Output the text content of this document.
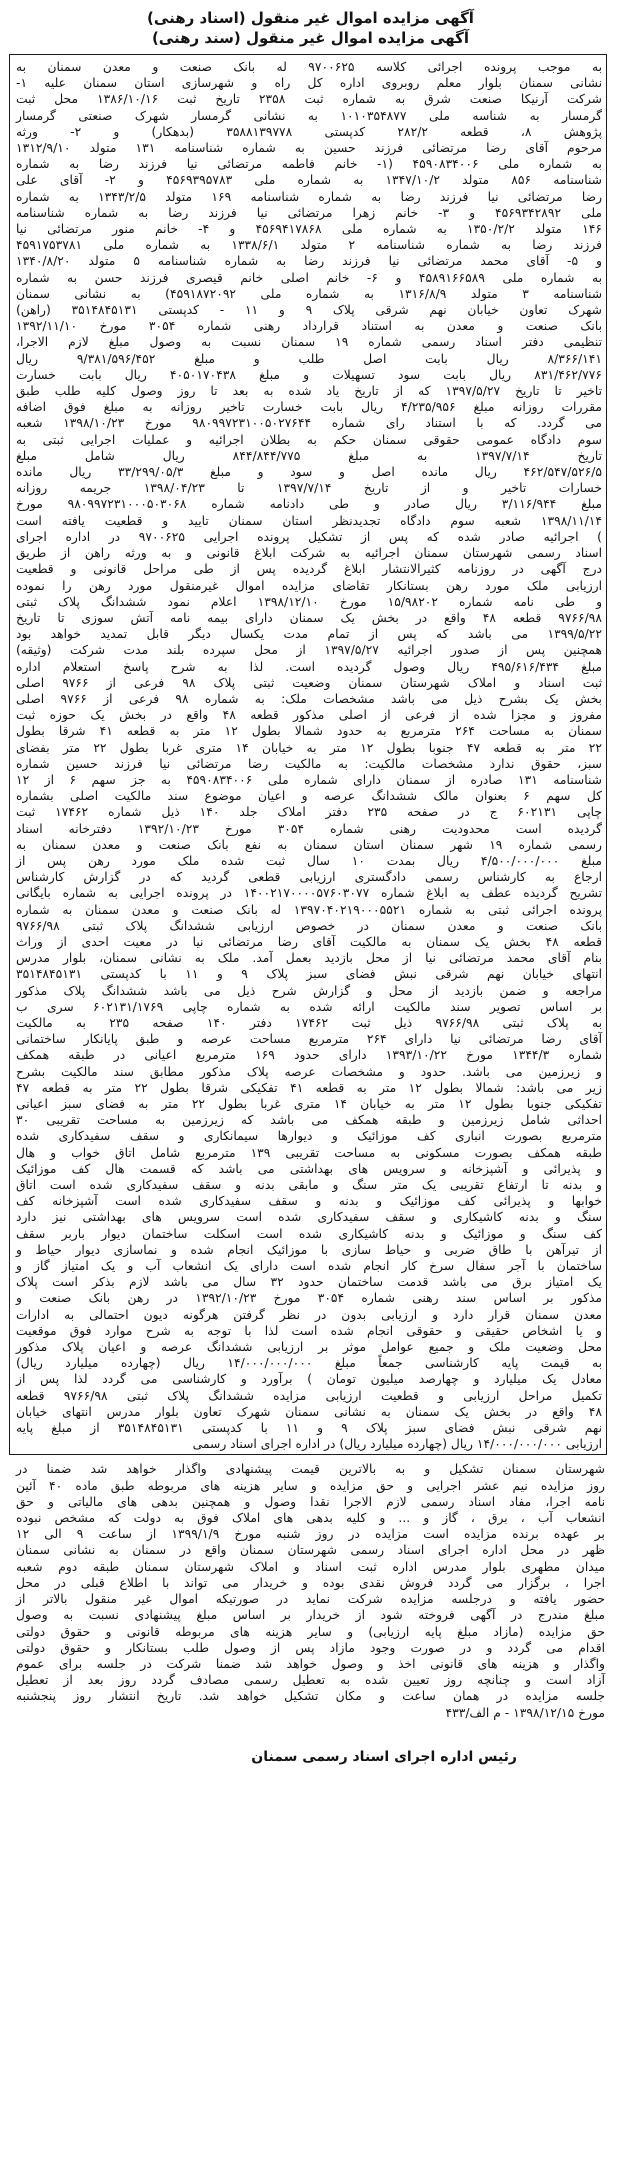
آگهی مزایده اموال غیر منقول (اسناد رهنی)
آگهی مزایده اموال غیر منقول (سند رهنی)
به موجب پرونده اجرائی کلاسه ۹۷۰۰۶۲۵ له بانک صنعت و معدن سمنان به
نشانی سمنان بلوار معلم روبروی اداره کل راه و شهرسازی استان سمنان علیه ۱-
شرکت آرنیکا صنعت شرق به شماره ثبت ۲۳۵۸ تاریخ ثبت ۱۳۸۶/۱۰/۱۶ محل ثبت
گرمسار به شناسه ملی ۱۰۱۰۳۵۴۸۷۷ به نشانی گرمسار شهرک صنعتی گرمسار
پژوهش ۸، قطعه ۲۸۲/۲ کدپستی ۳۵۸۸۱۳۹۷۷۸ (بدهکار) و ۲- ورثه
مرحوم آقای رضا مرتضائی فرزند حسین به شماره شناسنامه ۱۳۱ متولد ۱۳۱۲/۹/۱۰
به شماره ملی ۴۵۹۰۸۳۴۰۰۶ (۱- خانم فاطمه مرتضائی نیا فرزند رضا به شماره
شناسنامه ۸۵۶ متولد ۱۳۴۷/۱۰/۲ به شماره ملی ۴۵۶۹۳۹۵۷۸۳ و ۲- آقای علی
رضا مرتضائی نیا فرزند رضا به شماره شناسنامه ۱۶۹ متولد ۱۳۴۳/۲/۵ به شماره
ملی ۴۵۶۹۳۴۲۸۹۲ و ۳- خانم زهرا مرتضائی نیا فرزند رضا به شماره شناسنامه
۱۴۶ متولد ۱۳۵۰/۲/۲ به شماره ملی ۴۵۶۹۴۱۷۸۶۸ و ۴- خانم منور مرتضائی نیا
فرزند رضا به شماره شناسنامه ۲ متولد ۱۳۳۸/۶/۱ به شماره ملی ۴۵۹۱۷۵۳۷۸۱
و ۵- آقای محمد مرتضائی نیا فرزند رضا به شماره شناسنامه ۵ متولد ۱۳۴۰/۸/۲۰
به شماره ملی ۴۵۸۹۱۶۶۵۸۹ و ۶- خانم اصلی خانم قیصری فرزند حسن به شماره
شناسنامه ۳ متولد ۱۳۱۶/۸/۹ به شماره ملی ۴۵۹۱۸۷۲۰۹۲) به نشانی سمنان
شهرک تعاون خیابان نهم شرقی پلاک ۹ و ۱۱ - کدپستی ۳۵۱۴۸۴۵۱۳۱ (راهن)
بانک صنعت و معدن به استناد قرارداد رهنی شماره ۳۰۵۴ مورخ ۱۳۹۲/۱۱/۱۰
تنظیمی دفتر اسناد رسمی شماره ۱۹ سمنان نسبت به وصول مبلغ لازم الاجرا،
۸/۳۶۶/۱۴۱ ریال بابت اصل طلب و مبلغ ۹/۳۸۱/۵۹۶/۴۵۲ ریال
۸۳۱/۴۶۲/۷۷۶ ریال بابت سود تسهیلات و مبلغ ۴۰۵۰۱۷۰۴۳۸ ریال بابت خسارت
تاخیر تا تاریخ ۱۳۹۷/۵/۲۷ که از تاریخ یاد شده به بعد تا روز وصول کلیه طلب طبق
مقررات روزانه مبلغ ۴/۲۳۵/۹۵۶ ریال بابت خسارت تاخیر روزانه به مبلغ فوق اضافه
می گردد. که با استناد رای شماره ۹۸۰۹۹۷۲۳۱۰۰۵۰۲۷۶۴۴ مورخ ۱۳۹۸/۱۰/۲۳ شعبه
سوم دادگاه عمومی حقوقی سمنان حکم به بطلان اجرائیه و عملیات اجرایی ثبتی به
تاریخ ۱۳۹۷/۷/۱۴ به مبلغ ۸۴۴/۸۴۴/۷۷۵ ریال شامل مبلغ
۴۶۲/۵۴۷/۵۲۶/۵ ریال مانده اصل و سود و مبلغ ۳۳/۲۹۹/۰۵/۳ ریال مانده
خسارات تاخیر و از تاریخ ۱۳۹۷/۷/۱۴ تا ۱۳۹۸/۰۴/۲۳ جریمه روزانه
مبلغ ۳/۱۱۶/۹۴۴ ریال صادر و طی دادنامه شماره ۹۸۰۹۹۷۲۳۱۰۰۰۵۰۳۰۶۸ مورخ
۱۳۹۸/۱۱/۱۴ شعبه سوم دادگاه تجدیدنظر استان سمنان تایید و قطعیت یافته است
) اجرائیه صادر شده که پس از تشکیل پرونده اجرایی ۹۷۰۰۶۲۵ در اداره اجرای
اسناد رسمی شهرستان سمنان اجرائیه به شرکت ابلاغ قانونی و به ورثه راهن از طریق
درج آگهی در روزنامه کثیرالانتشار ابلاغ گردیده پس از طی مراحل قانونی و قطعیت
ارزیابی ملک مورد رهن بستانکار تقاضای مزایده اموال غیرمنقول مورد رهن را نموده
و طی نامه شماره ۱۵/۹۸۲۰۲ مورخ ۱۳۹۸/۱۲/۱۰ اعلام نمود ششدانگ پلاک ثبتی
۹۷۶۶/۹۸ قطعه ۴۸ واقع در بخش یک سمنان دارای بیمه نامه آتش سوزی تا تاریخ
۱۳۹۹/۵/۲۲ می باشد که پس از تمام مدت یکسال دیگر قابل تمدید خواهد بود
همچنین پس از صدور اجرائیه ۱۳۹۷/۵/۲۷ از محل سپرده بلند مدت شرکت (وثیقه)
مبلغ ۴۹۵/۶۱۶/۴۳۴ ریال وصول گردیده است. لذا به شرح پاسخ استعلام اداره
ثبت اسناد و املاک شهرستان سمنان وضعیت ثبتی پلاک ۹۸ فرعی از ۹۷۶۶ اصلی
بخش یک بشرح ذیل می باشد مشخصات ملک: به شماره ۹۸ فرعی از ۹۷۶۶ اصلی
مفروز و مجزا شده از فرعی از اصلی مذکور قطعه ۴۸ واقع در بخش یک حوزه ثبت
سمنان به مساحت ۲۶۴ مترمربع به حدود شمالا بطول ۱۲ متر به قطعه ۴۱ شرقا بطول
۲۲ متر به قطعه ۴۷ جنوبا بطول ۱۲ متر به خیابان ۱۴ متری غربا بطول ۲۲ متر بفضای
سبز، حقوق ندارد مشخصات مالکیت: به مالکیت رضا مرتضائی نیا فرزند حسین شماره
شناسنامه ۱۳۱ صادره از سمنان دارای شماره ملی ۴۵۹۰۸۳۴۰۰۶ به جز سهم ۶ از ۱۲
کل سهم ۶ بعنوان مالک ششدانگ عرصه و اعیان موضوع سند مالکیت اصلی بشماره
چاپی ۶۰۲۱۳۱ ج در صفحه ۲۳۵ دفتر املاک جلد ۱۴۰ ذیل شماره ۱۷۴۶۲ ثبت
گردیده است محدودیت رهنی شماره ۳۰۵۴ مورخ ۱۳۹۲/۱۰/۲۳ دفترخانه اسناد
رسمی شماره ۱۹ شهر سمنان استان سمنان به نفع بانک صنعت و معدن سمنان به
مبلغ ۴/۵۰۰/۰۰۰/۰۰۰ ریال بمدت ۱۰ سال ثبت شده ملک مورد رهن پس از
ارجاع به کارشناس رسمی دادگستری ارزیابی قطعی گردید که در گزارش کارشناس
تشریح گردیده عطف به ابلاغ شماره ۱۴۰۰۲۱۷۰۰۰۰۵۷۶۰۳۰۷۷ در پرونده اجرایی به شماره بایگانی
پرونده اجرائی ثبتی به شماره ۱۳۹۷۰۴۰۲۱۹۰۰۰۵۵۲۱ له بانک صنعت و معدن سمنان به شماره
بانک صنعت و معدن سمنان در خصوص ارزیابی ششدانگ پلاک ثبتی ۹۷۶۶/۹۸
قطعه ۴۸ بخش یک سمنان به مالکیت آقای رضا مرتضائی نیا در معیت احدی از وراث
بنام آقای محمد مرتضائی نیا از محل بازدید بعمل آمد. ملک به نشانی سمنان، بلوار مدرس
انتهای خیابان نهم شرقی نبش فضای سبز پلاک ۹ و ۱۱ با کدپستی ۳۵۱۴۸۴۵۱۳۱
مراجعه و ضمن بازدید از محل و گزارش شرح ذیل می باشد ششدانگ پلاک مذکور
بر اساس تصویر سند مالکیت ارائه شده به شماره چاپی ۶۰۲۱۳۱/۱۷۶۹ سری ب
به پلاک ثبتی ۹۷۶۶/۹۸ ذیل ثبت ۱۷۴۶۲ دفتر ۱۴۰ صفحه ۲۳۵ به مالکیت
آقای رضا مرتضائی نیا دارای ۲۶۴ مترمربع مساحت عرصه و طبق پایانکار ساختمانی
شماره ۱۳۴۴/۳ مورخ ۱۳۹۳/۱۰/۲۲ دارای حدود ۱۶۹ مترمربع اعیانی در طبقه همکف
و زیرزمین می باشد. حدود و مشخصات عرصه پلاک مذکور مطابق سند مالکیت بشرح
زیر می باشد: شمالا بطول ۱۲ متر به قطعه ۴۱ تفکیکی شرقا بطول ۲۲ متر به قطعه ۴۷
تفکیکی جنوبا بطول ۱۲ متر به خیابان ۱۴ متری غربا بطول ۲۲ متر به فضای سبز اعیانی
احداثی شامل زیرزمین و طبقه همکف می باشد که زیرزمین به مساحت تقریبی ۳۰
مترمربع بصورت انباری کف موزائیک و دیوارها سیمانکاری و سقف سفیدکاری شده
طبقه همکف بصورت مسکونی به مساحت تقریبی ۱۳۹ مترمربع شامل اتاق خواب و هال
و پذیرائی و آشپزخانه و سرویس های بهداشتی می باشد که قسمت هال کف موزائیک
و بدنه تا ارتفاع تقریبی یک متر سنگ و مابقی بدنه و سقف سفیدکاری شده است اتاق
خوابها و پذیرائی کف موزائیک و بدنه و سقف سفیدکاری شده است آشپزخانه کف
سنگ و بدنه کاشیکاری و سقف سفیدکاری شده است سرویس های بهداشتی نیز دارد
کف سنگ و موزائیک و بدنه کاشیکاری شده است اسکلت ساختمان دیوار باربر سقف
از تیرآهن با طاق ضربی و حیاط سازی با موزائیک انجام شده و نماسازی دیوار حیاط و
ساختمان با آجر سفال سرخ کار انجام شده است دارای یک انشعاب آب و یک امتیاز گاز و
یک امتیاز برق می باشد قدمت ساختمان حدود ۳۲ سال می باشد لازم بذکر است پلاک
مذکور بر اساس سند رهنی شماره ۳۰۵۴ مورخ ۱۳۹۲/۱۰/۲۳ در رهن بانک صنعت و
معدن سمنان قرار دارد و ارزیابی بدون در نظر گرفتن هرگونه دیون احتمالی به ادارات
و یا اشخاص حقیقی و حقوقی انجام شده است لذا با توجه به شرح موارد فوق موقعیت
محل وضعیت ملک و جمیع عوامل موثر بر ارزیابی ششدانگ عرصه و اعیان پلاک مذکور
به قیمت پایه کارشناسی جمعاً مبلغ ۱۴/۰۰۰/۰۰۰/۰۰۰ ریال (چهارده میلیارد ریال)
معادل یک میلیارد و چهارصد میلیون تومان ) برآورد و کارشناسی می گردد لذا پس از
تکمیل مراحل ارزیابی و قطعیت ارزیابی مزایده ششدانگ پلاک ثبتی ۹۷۶۶/۹۸ قطعه
۴۸ واقع در بخش یک سمنان به نشانی سمنان شهرک تعاون بلوار مدرس انتهای خیابان
نهم شرقی نبش فضای سبز پلاک ۹ و ۱۱ با کدپستی ۳۵۱۴۸۴۵۱۳۱ از مبلغ پایه
ارزیابی ۱۴/۰۰۰/۰۰۰/۰۰۰ ریال (چهارده میلیارد ریال) در اداره اجرای اسناد رسمی
شهرستان سمنان تشکیل و به بالاترین قیمت پیشنهادی واگذار خواهد شد ضمنا در
روز مزایده نیم عشر اجرایی و حق مزایده و سایر هزینه های مربوطه طبق ماده ۴۰ آئین
نامه اجرا، مفاد اسناد رسمی لازم الاجرا نقدا وصول و همچنین بدهی های مالیاتی و حق
انشعاب آب ، برق ، گاز و ... و کلیه بدهی های املاک فوق به دولت که مشخص نبوده
بر عهده برنده مزایده است مزایده در روز شنبه مورخ ۱۳۹۹/۱/۹ از ساعت ۹ الی ۱۲
ظهر در محل اداره اجرای اسناد رسمی شهرستان سمنان واقع در سمنان به نشانی سمنان
میدان مطهری بلوار مدرس اداره ثبت اسناد و املاک شهرستان سمنان طبقه دوم شعبه
اجرا ، برگزار می گردد فروش نقدی بوده و خریدار می تواند با اطلاع قبلی در محل
حضور یافته و درجلسه مزایده شرکت نماید در صورتیکه اموال غیر منقول بالاتر از
مبلغ مندرج در آگهی فروخته شود از خریدار بر اساس مبلغ پیشنهادی نسبت به وصول
حق مزایده (مازاد مبلغ پایه ارزیابی) و سایر هزینه های مربوطه قانونی و حقوق دولتی
اقدام می گردد و در صورت وجود مازاد پس از وصول طلب بستانکار و حقوق دولتی
واگذار و هزینه های قانونی اخذ و وصول خواهد شد ضمنا شرکت در جلسه برای عموم
آزاد است و چنانچه روز تعیین شده به تعطیل رسمی مصادف گردد روز بعد از تعطیل
جلسه مزایده در همان ساعت و مکان تشکیل خواهد شد. تاریخ انتشار روز پنجشنبه
مورخ ۱۳۹۸/۱۲/۱۵ - م الف/۴۳۳
رئیس اداره اجرای اسناد رسمی سمنان
